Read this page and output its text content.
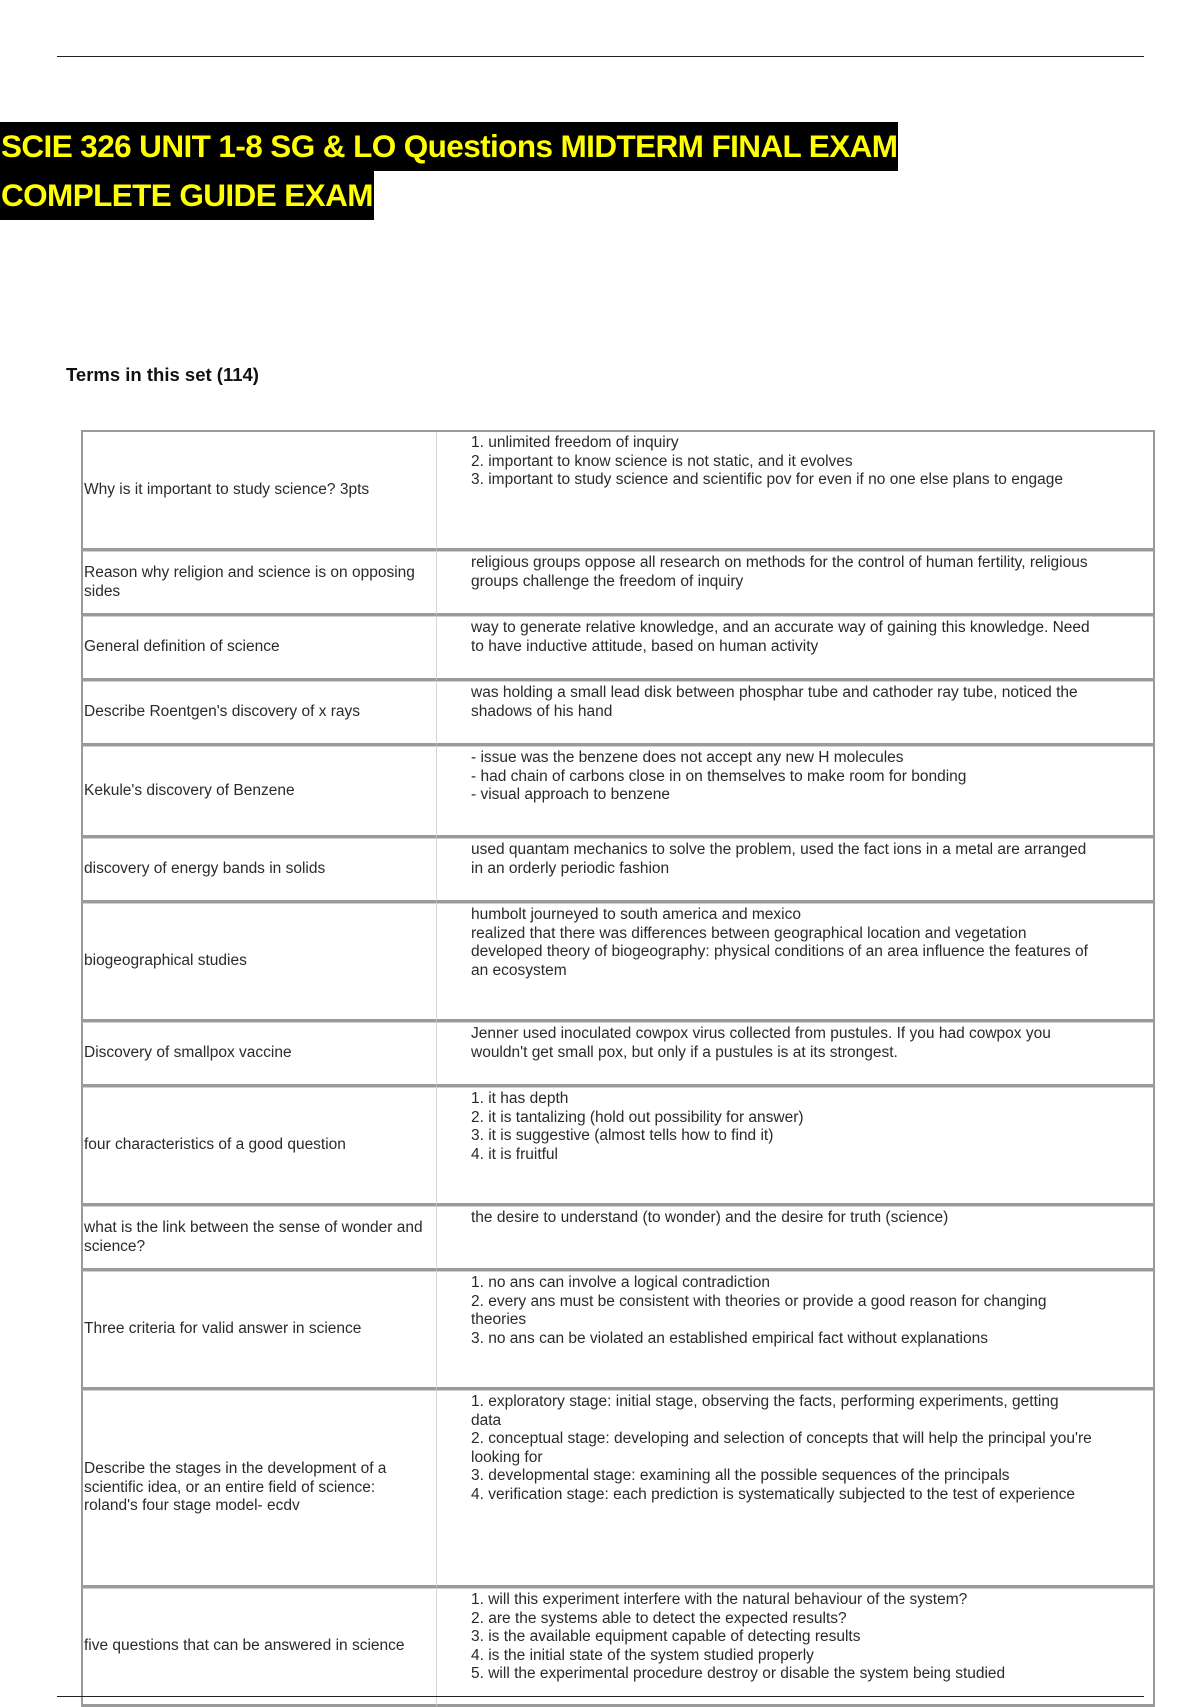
SCIE 326 UNIT 1-8 SG & LO Questions MIDTERM FINAL EXAM
COMPLETE GUIDE EXAM
Terms in this set (114)
Why is it important to study science? 3pts	1. unlimited freedom of inquiry
2. important to know science is not static, and it evolves
3. important to study science and scientific pov for even if no one else plans to engage
Reason why religion and science is on opposing sides	religious groups oppose all research on methods for the control of human fertility, religious groups challenge the freedom of inquiry
General definition of science	way to generate relative knowledge, and an accurate way of gaining this knowledge. Need to have inductive attitude, based on human activity
Describe Roentgen's discovery of x rays	was holding a small lead disk between phosphar tube and cathoder ray tube, noticed the shadows of his hand
Kekule's discovery of Benzene	- issue was the benzene does not accept any new H molecules
- had chain of carbons close in on themselves to make room for bonding
- visual approach to benzene
discovery of energy bands in solids	used quantam mechanics to solve the problem, used the fact ions in a metal are arranged in an orderly periodic fashion
biogeographical studies	humbolt journeyed to south america and mexico
realized that there was differences between geographical location and vegetation
developed theory of biogeography: physical conditions of an area influence the features of an ecosystem
Discovery of smallpox vaccine	Jenner used inoculated cowpox virus collected from pustules. If you had cowpox you wouldn't get small pox, but only if a pustules is at its strongest.
four characteristics of a good question	1. it has depth
2. it is tantalizing (hold out possibility for answer)
3. it is suggestive (almost tells how to find it)
4. it is fruitful
what is the link between the sense of wonder and science?	the desire to understand (to wonder) and the desire for truth (science)
Three criteria for valid answer in science	1. no ans can involve a logical contradiction
2. every ans must be consistent with theories or provide a good reason for changing theories
3. no ans can be violated an established empirical fact without explanations
Describe the stages in the development of a scientific idea, or an entire field of science: roland's four stage model- ecdv	1. exploratory stage: initial stage, observing the facts, performing experiments, getting data
2. conceptual stage: developing and selection of concepts that will help the principal you're looking for
3. developmental stage: examining all the possible sequences of the principals
4. verification stage: each prediction is systematically subjected to the test of experience
five questions that can be answered in science	1. will this experiment interfere with the natural behaviour of the system?
2. are the systems able to detect the expected results?
3. is the available equipment capable of detecting results
4. is the initial state of the system studied properly
5. will the experimental procedure destroy or disable the system being studied
